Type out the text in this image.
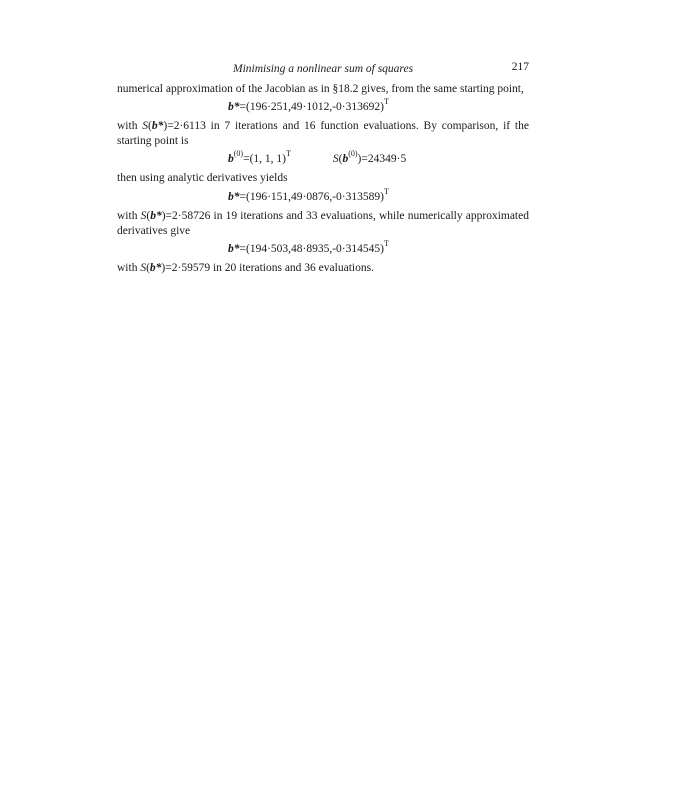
Minimising a nonlinear sum of squares	217

numerical approximation of the Jacobian as in §18.2 gives, from the same starting point,

$b*=(196\cdot 251,49\cdot 1012,-0\cdot 313692)^T$

with S(b*)=2·6113 in 7 iterations and 16 function evaluations. By comparison, if the starting point is

$b^{(0)}=(1$, 1, 1)$^T$	$S(b^{(0)})=24349\cdot 5$

then using analytic derivatives yields

$b*=(196\cdot 151,49\cdot 0876,-0\cdot 313589)^T$

with S(b*)=2·58726 in 19 iterations and 33 evaluations, while numerically approximated derivatives give

$b*=(194\cdot 503,48\cdot 8935,-0\cdot 314545)^T$

with S(b*)=2·59579 in 20 iterations and 36 evaluations.
